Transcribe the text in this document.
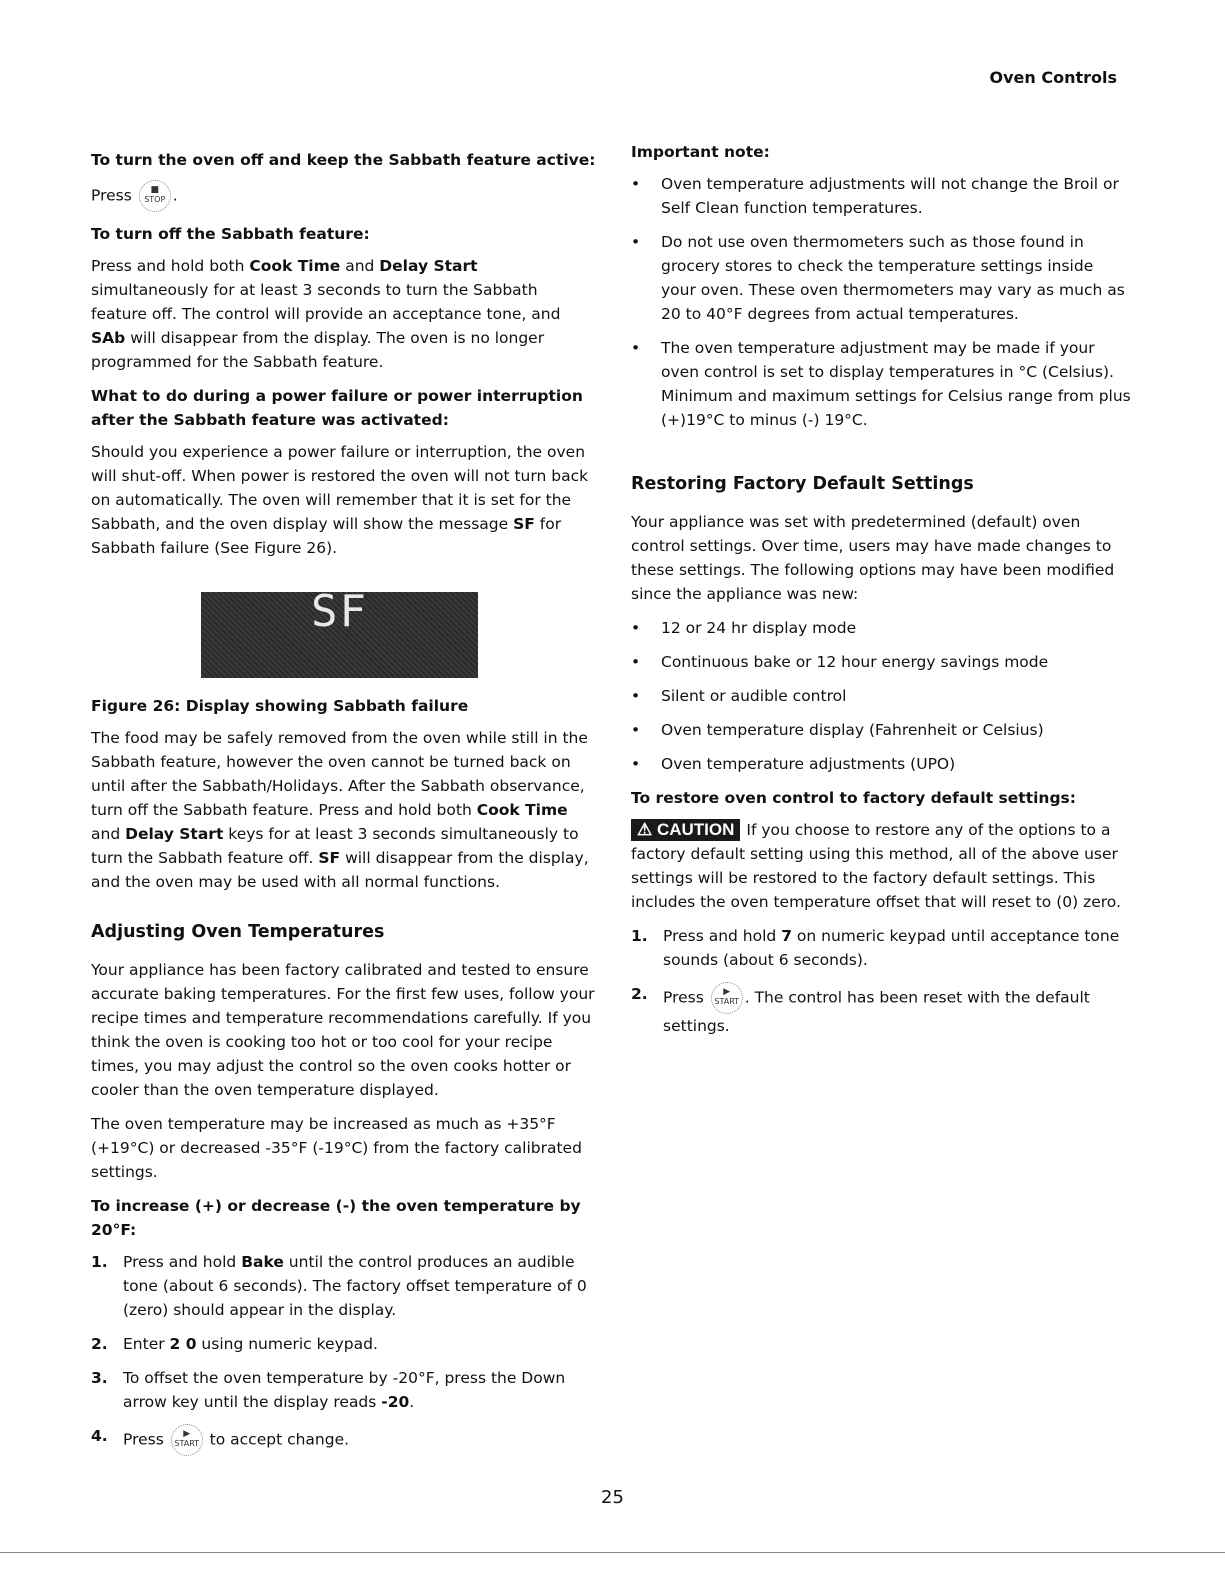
Oven Controls
To turn the oven off and keep the Sabbath feature active:

Press	■
STOP .

To turn off the Sabbath feature:

Press and hold both Cook Time and Delay Start simultaneously for at least 3 seconds to turn the Sabbath feature off. The control will provide an acceptance tone, and SAb will disappear from the display. The oven is no longer programmed for the Sabbath feature.

What to do during a power failure or power interruption after the Sabbath feature was activated:

Should you experience a power failure or interruption, the oven will shut-off. When power is restored the oven will not turn back on automatically. The oven will remember that it is set for the Sabbath, and the oven display will show the message SF for Sabbath failure (See Figure 26).

SF
Figure 26: Display showing Sabbath failure

The food may be safely removed from the oven while still in the Sabbath feature, however the oven cannot be turned back on until after the Sabbath/Holidays. After the Sabbath observance, turn off the Sabbath feature. Press and hold both Cook Time and Delay Start keys for at least 3 seconds simultaneously to turn the Sabbath feature off. SF will disappear from the display, and the oven may be used with all normal functions.

Adjusting Oven Temperatures

Your appliance has been factory calibrated and tested to ensure accurate baking temperatures. For the first few uses, follow your recipe times and temperature recommendations carefully. If you think the oven is cooking too hot or too cool for your recipe times, you may adjust the control so the oven cooks hotter or cooler than the oven temperature displayed.

The oven temperature may be increased as much as +35°F (+19°C) or decreased -35°F (-19°C) from the factory calibrated settings.

To increase (+) or decrease (-) the oven temperature by 20°F:
1. Press and hold Bake until the control produces an audible tone (about 6 seconds). The factory offset temperature of 0 (zero) should appear in the display.
2. Enter 2 0 using numeric keypad.
3. To offset the oven temperature by -20°F, press the Down arrow key until the display reads -20.
4. Press	▶
START to accept change.
Important note:
• Oven temperature adjustments will not change the Broil or Self Clean function temperatures.
• Do not use oven thermometers such as those found in grocery stores to check the temperature settings inside your oven. These oven thermometers may vary as much as 20 to 40°F degrees from actual temperatures.
• The oven temperature adjustment may be made if your oven control is set to display temperatures in °C (Celsius). Minimum and maximum settings for Celsius range from plus (+)19°C to minus (-) 19°C.
Restoring Factory Default Settings

Your appliance was set with predetermined (default) oven control settings. Over time, users may have made changes to these settings. The following options may have been modified since the appliance was new:

• 12 or 24 hr display mode
• Continuous bake or 12 hour energy savings mode
• Silent or audible control
• Oven temperature display (Fahrenheit or Celsius)
• Oven temperature adjustments (UPO)
To restore oven control to factory default settings:

⚠ CAUTION If you choose to restore any of the options to a factory default setting using this method, all of the above user settings will be restored to the factory default settings. This includes the oven temperature offset that will reset to (0) zero.

1. Press and hold 7 on numeric keypad until acceptance tone sounds (about 6 seconds).
2. Press	▶
START . The control has been reset with the default settings.
25
